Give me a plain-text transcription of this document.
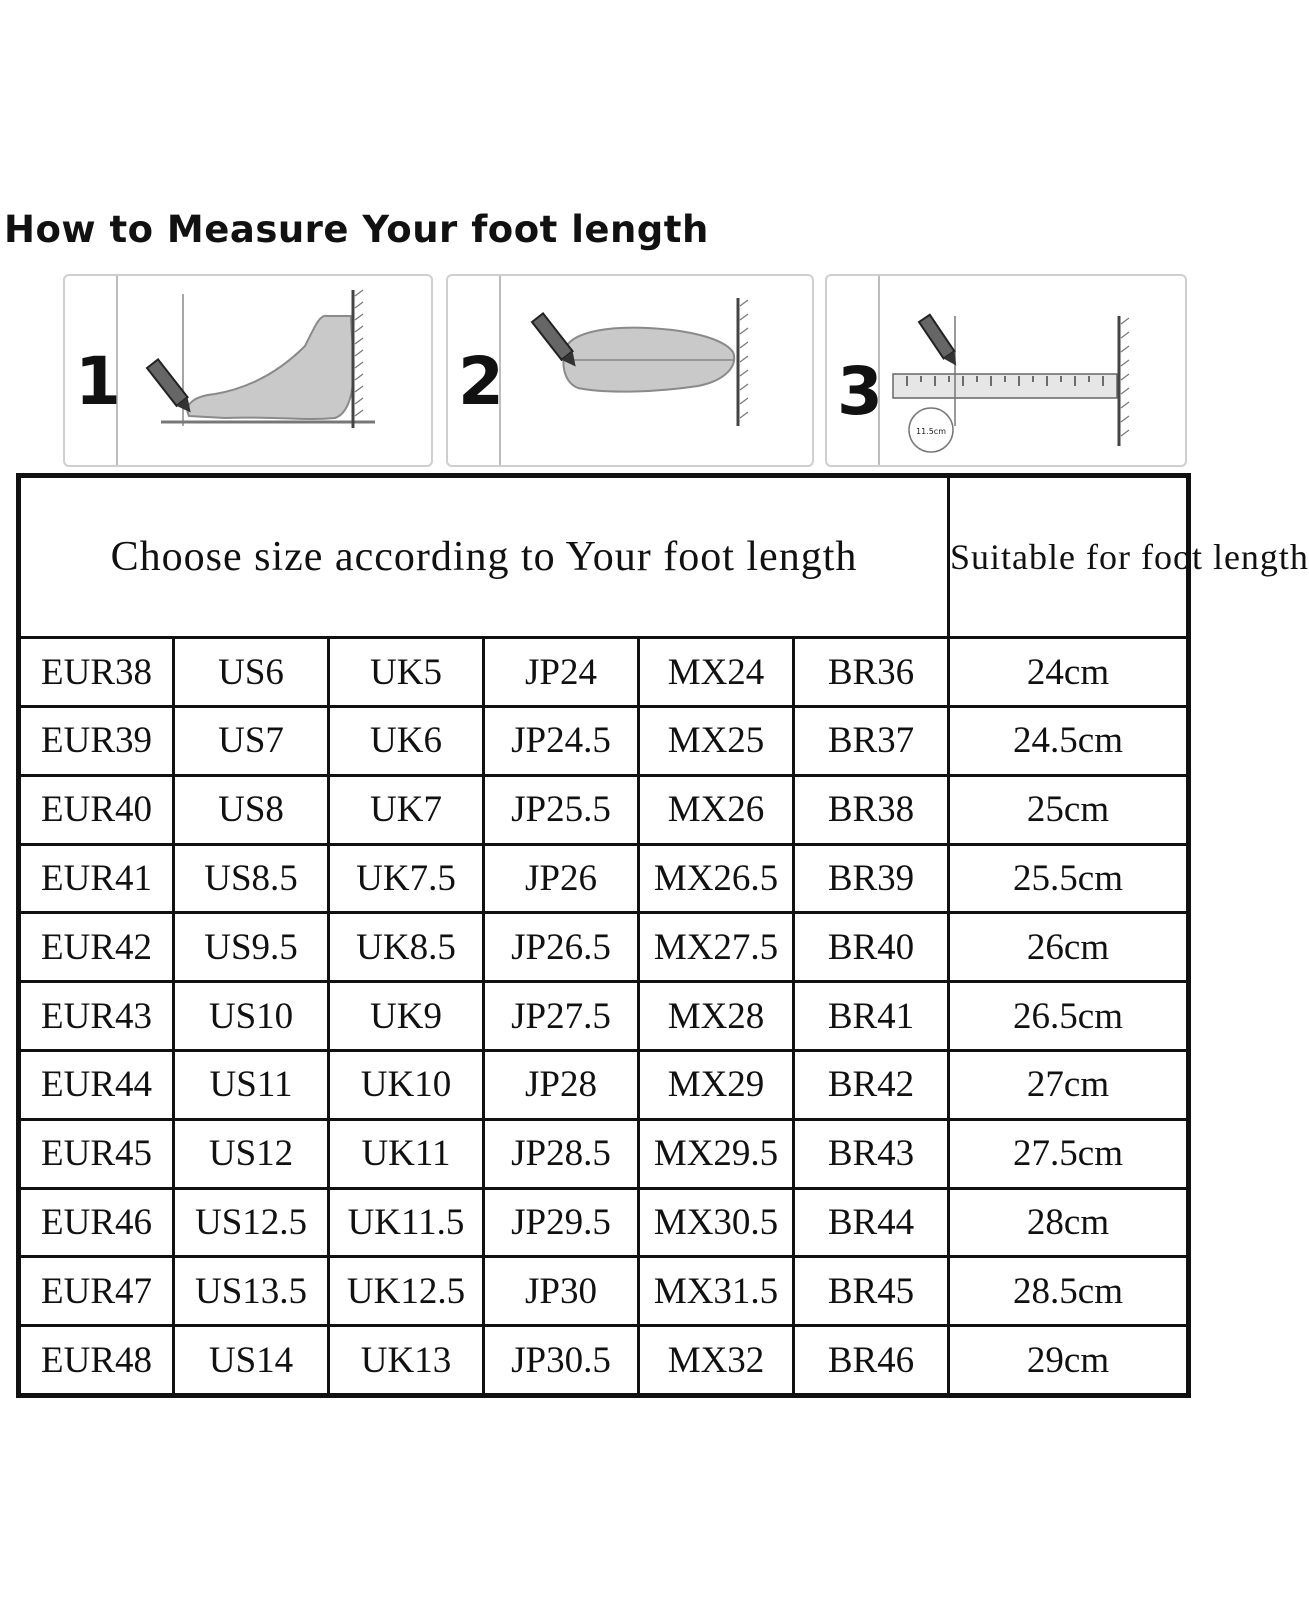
How to Measure Your foot length
1	2	3
11.5cm
Choose size according to Your foot length						Suitable for foot length
EUR38	US6	UK5	JP24	MX24	BR36	24cm
EUR39	US7	UK6	JP24.5	MX25	BR37	24.5cm
EUR40	US8	UK7	JP25.5	MX26	BR38	25cm
EUR41	US8.5	UK7.5	JP26	MX26.5	BR39	25.5cm
EUR42	US9.5	UK8.5	JP26.5	MX27.5	BR40	26cm
EUR43	US10	UK9	JP27.5	MX28	BR41	26.5cm
EUR44	US11	UK10	JP28	MX29	BR42	27cm
EUR45	US12	UK11	JP28.5	MX29.5	BR43	27.5cm
EUR46	US12.5	UK11.5	JP29.5	MX30.5	BR44	28cm
EUR47	US13.5	UK12.5	JP30	MX31.5	BR45	28.5cm
EUR48	US14	UK13	JP30.5	MX32	BR46	29cm
